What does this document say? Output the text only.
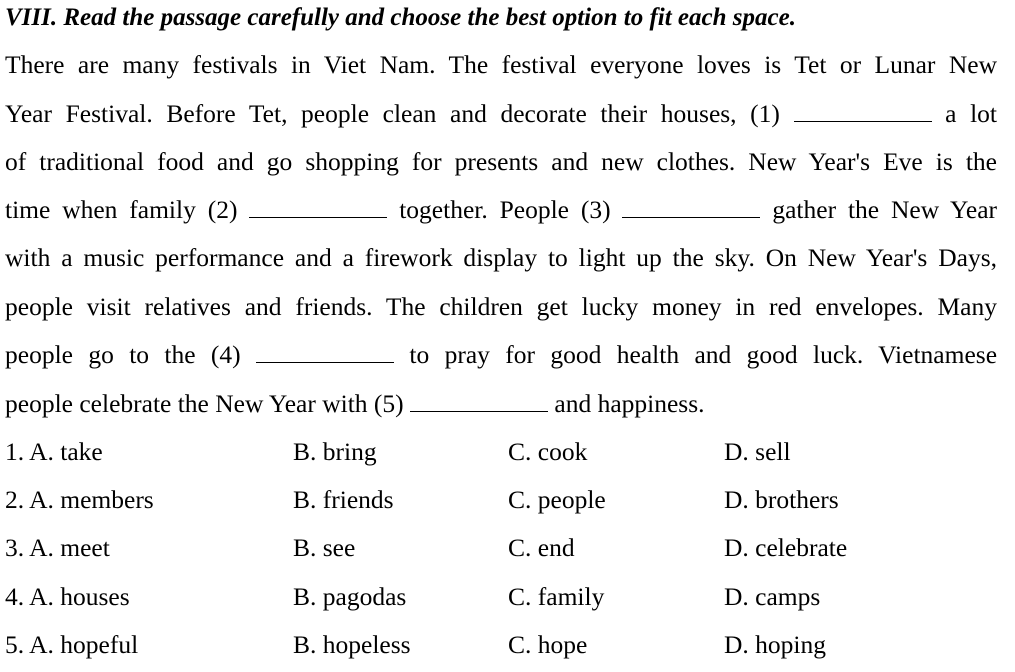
VIII. Read the passage carefully and choose the best option to fit each space.
There are many festivals in Viet Nam. The festival everyone loves is Tet or Lunar New
Year Festival. Before Tet, people clean and decorate their houses, (1)	a lot
of traditional food and go shopping for presents and new clothes. New Year's Eve is the
time when family (2)	together. People (3)	gather the New Year
with a music performance and a firework display to light up the sky. On New Year's Days,
people visit relatives and friends. The children get lucky money in red envelopes. Many
people go to the (4)	to pray for good health and good luck. Vietnamese
people celebrate the New Year with (5)	and happiness.
1. A. take	B. bring	C. cook	D. sell
2. A. members	B. friends	C. people	D. brothers
3. A. meet	B. see	C. end	D. celebrate
4. A. houses	B. pagodas	C. family	D. camps
5. A. hopeful	B. hopeless	C. hope	D. hoping
